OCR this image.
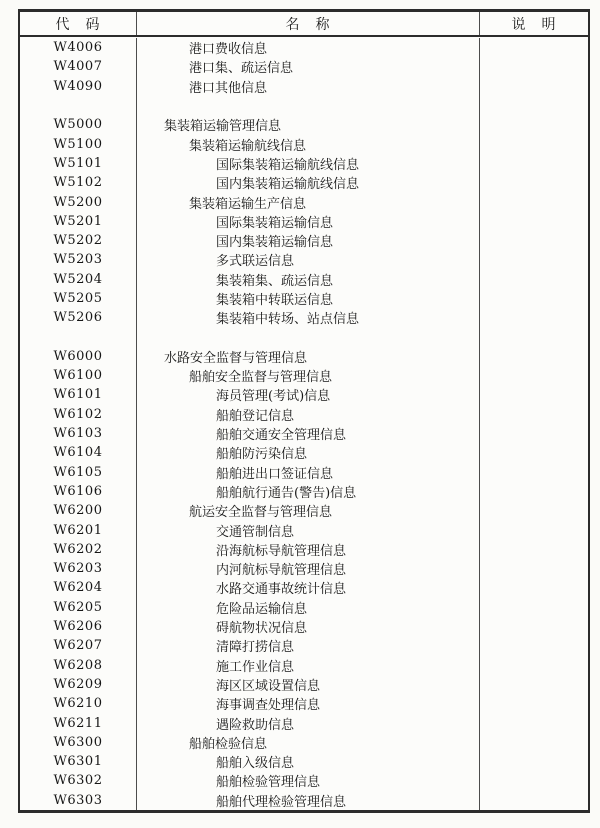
代　码	名　称	说　明
W4006	港口费收信息
W4007	港口集、疏运信息
W4090	港口其他信息
W5000	集装箱运输管理信息
W5100	集装箱运输航线信息
W5101	国际集装箱运输航线信息
W5102	国内集装箱运输航线信息
W5200	集装箱运输生产信息
W5201	国际集装箱运输信息
W5202	国内集装箱运输信息
W5203	多式联运信息
W5204	集装箱集、疏运信息
W5205	集装箱中转联运信息
W5206	集装箱中转场、站点信息
W6000	水路安全监督与管理信息
W6100	船舶安全监督与管理信息
W6101	海员管理(考试)信息
W6102	船舶登记信息
W6103	船舶交通安全管理信息
W6104	船舶防污染信息
W6105	船舶进出口签证信息
W6106	船舶航行通告(警告)信息
W6200	航运安全监督与管理信息
W6201	交通管制信息
W6202	沿海航标导航管理信息
W6203	内河航标导航管理信息
W6204	水路交通事故统计信息
W6205	危险品运输信息
W6206	碍航物状况信息
W6207	清障打捞信息
W6208	施工作业信息
W6209	海区区域设置信息
W6210	海事调查处理信息
W6211	遇险救助信息
W6300	船舶检验信息
W6301	船舶入级信息
W6302	船舶检验管理信息
W6303	船舶代理检验管理信息
